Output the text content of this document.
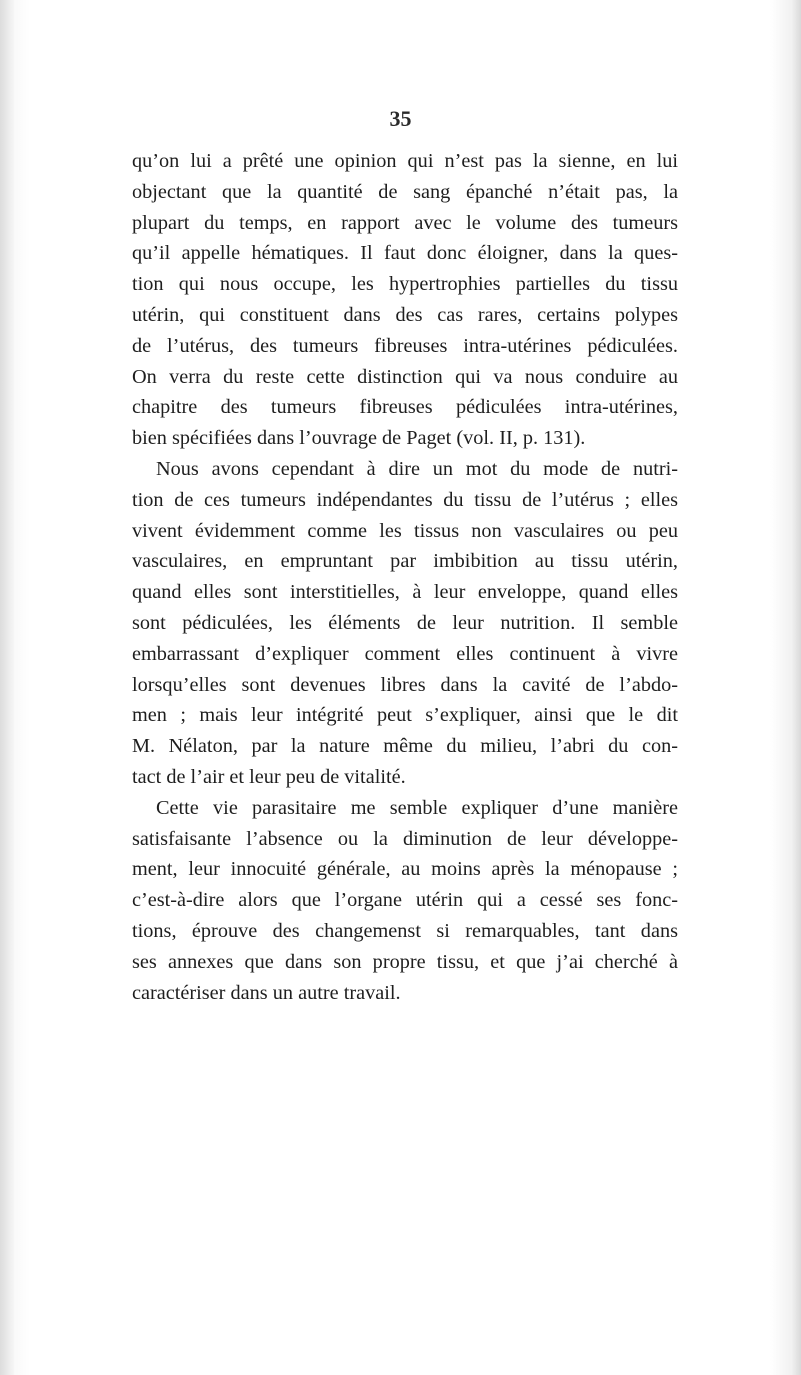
35
qu’on lui a prêté une opinion qui n’est pas la sienne, en lui
objectant que la quantité de sang épanché n’était pas, la
plupart du temps, en rapport avec le volume des tumeurs
qu’il appelle hématiques. Il faut donc éloigner, dans la ques-
tion qui nous occupe, les hypertrophies partielles du tissu
utérin, qui constituent dans des cas rares, certains polypes
de l’utérus, des tumeurs fibreuses intra-utérines pédiculées.
On verra du reste cette distinction qui va nous conduire au
chapitre des tumeurs fibreuses pédiculées intra-utérines,
bien spécifiées dans l’ouvrage de Paget (vol. II, p. 131).
Nous avons cependant à dire un mot du mode de nutri-
tion de ces tumeurs indépendantes du tissu de l’utérus ; elles
vivent évidemment comme les tissus non vasculaires ou peu
vasculaires, en empruntant par imbibition au tissu utérin,
quand elles sont interstitielles, à leur enveloppe, quand elles
sont pédiculées, les éléments de leur nutrition. Il semble
embarrassant d’expliquer comment elles continuent à vivre
lorsqu’elles sont devenues libres dans la cavité de l’abdo-
men ; mais leur intégrité peut s’expliquer, ainsi que le dit
M. Nélaton, par la nature même du milieu, l’abri du con-
tact de l’air et leur peu de vitalité.
Cette vie parasitaire me semble expliquer d’une manière
satisfaisante l’absence ou la diminution de leur développe-
ment, leur innocuité générale, au moins après la ménopause ;
c’est-à-dire alors que l’organe utérin qui a cessé ses fonc-
tions, éprouve des changemenst si remarquables, tant dans
ses annexes que dans son propre tissu, et que j’ai cherché à
caractériser dans un autre travail.
